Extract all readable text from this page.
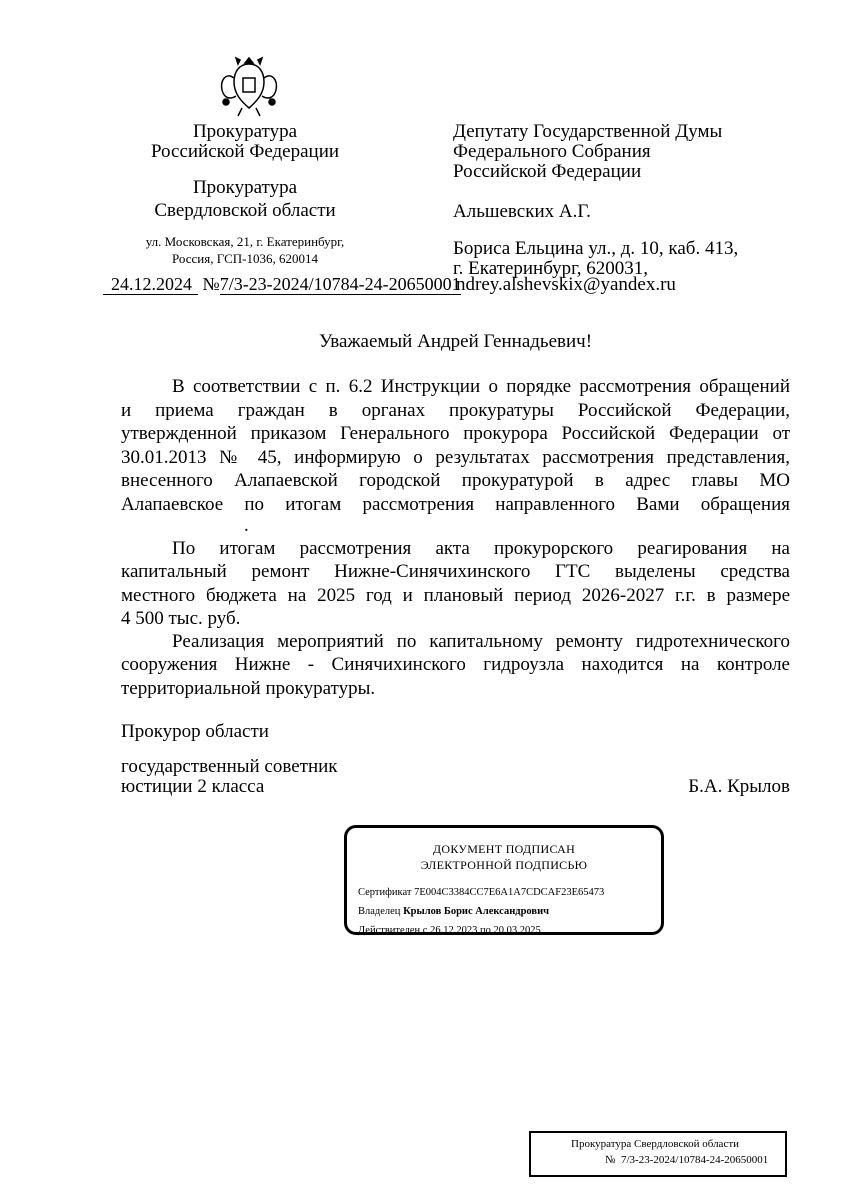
Прокуратура
Российской Федерации
Прокуратура
Свердловской области
ул. Московская, 21, г. Екатеринбург,
Россия, ГСП-1036, 620014
24.12.2024 №7/3-23-2024/10784-24-20650001
Депутату Государственной Думы
Федерального Собрания
Российской Федерации
Альшевских А.Г.
Бориса Ельцина ул., д. 10, каб. 413,
г. Екатеринбург, 620031,
ndrey.alshevskix@yandex.ru
Уважаемый Андрей Геннадьевич!
В соответствии с п. 6.2 Инструкции о порядке рассмотрения обращений
и приема граждан в органах прокуратуры Российской Федерации,
утвержденной приказом Генерального прокурора Российской Федерации от
30.01.2013 № 45, информирую о результатах рассмотрения представления,
внесенного Алапаевской городской прокуратурой в адрес главы МО
Алапаевское по итогам рассмотрения направленного Вами обращения
.
По итогам рассмотрения акта прокурорского реагирования на
капитальный ремонт Нижне-Синячихинского ГТС выделены средства
местного бюджета на 2025 год и плановый период 2026-2027 г.г. в размере
4 500 тыс. руб.
Реализация мероприятий по капитальному ремонту гидротехнического
сооружения Нижне - Синячихинского гидроузла находится на контроле
территориальной прокуратуры.
Прокурор области
государственный советник
юстиции 2 класса	Б.А. Крылов
ДОКУМЕНТ ПОДПИСАН
ЭЛЕКТРОННОЙ ПОДПИСЬЮ
Сертификат 7E004C3384CC7E6A1A7CDCAF23E65473
Владелец Крылов Борис Александрович
Действителен с 26.12.2023 по 20.03.2025
Прокуратура Свердловской области
№ 7/3-23-2024/10784-24-20650001
